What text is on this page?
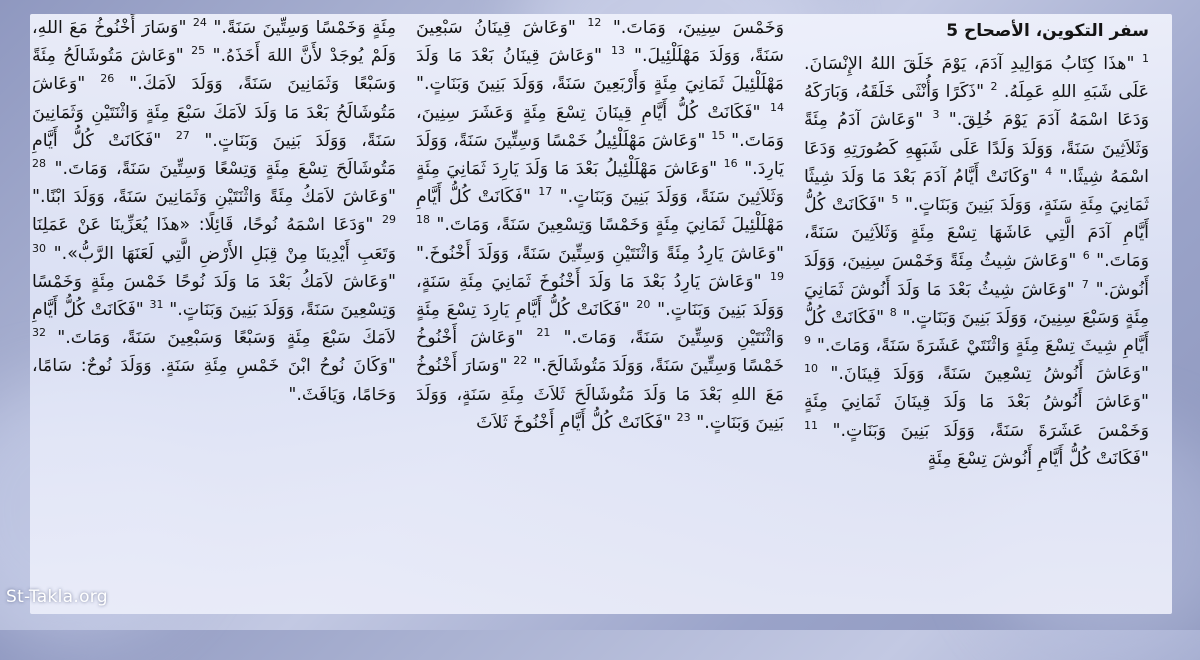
سفر التكوين، الأصحاح 5

$^1$ "هذَا كِتَابُ مَوَالِيدِ آدَمَ، يَوْمَ خَلَقَ اللهُ الإِنْسَانَ. عَلَى شَبَهِ اللهِ عَمِلَهُ. $^2$ "ذَكَرًا وَأُنْثَى خَلَقَهُ، وَبَارَكَهُ وَدَعَا اسْمَهُ آدَمَ يَوْمَ خُلِقَ." $^3$ "وَعَاشَ آدَمُ مِئَةً وَثَلاَثِينَ سَنَةً، وَوَلَدَ وَلَدًا عَلَى شَبَهِهِ كَصُورَتِهِ وَدَعَا اسْمَهُ شِيثًا." $^4$ "وَكَانَتْ أَيَّامُ آدَمَ بَعْدَ مَا وَلَدَ شِيثًا ثَمَانِيَ مِئَةِ سَنَةٍ، وَوَلَدَ بَنِينَ وَبَنَاتٍ." $^5$ "فَكَانَتْ كُلُّ أَيَّامِ آدَمَ الَّتِي عَاشَهَا تِسْعَ مِئَةٍ وَثَلاَثِينَ سَنَةً، وَمَاتَ." $^6$ "وَعَاشَ شِيثُ مِئَةً وَخَمْسَ سِنِينَ، وَوَلَدَ أَنُوشَ." $^7$ "وَعَاشَ شِيثُ بَعْدَ مَا وَلَدَ أَنُوشَ ثَمَانِيَ مِئَةٍ وَسَبْعَ سِنِينَ، وَوَلَدَ بَنِينَ وَبَنَاتٍ." $^8$ "فَكَانَتْ كُلُّ أَيَّامِ شِيثَ تِسْعَ مِئَةٍ وَاثْنَتَيْ عَشَرَةَ سَنَةً، وَمَاتَ." $^9$ "وَعَاشَ أَنُوشُ تِسْعِينَ سَنَةً، وَوَلَدَ قِينَانَ." $^{10}$ "وَعَاشَ أَنُوشُ بَعْدَ مَا وَلَدَ قِينَانَ ثَمَانِيَ مِئَةٍ وَخَمْسَ عَشَرَةَ سَنَةً، وَوَلَدَ بَنِينَ وَبَنَاتٍ." $^{11}$ "فَكَانَتْ كُلُّ أَيَّامِ أَنُوشَ تِسْعَ مِئَةٍ

وَخَمْسَ سِنِينَ، وَمَاتَ." $^{12}$ "وَعَاشَ قِينَانُ سَبْعِينَ سَنَةً، وَوَلَدَ مَهْلَلْئِيلَ." $^{13}$ "وَعَاشَ قِينَانُ بَعْدَ مَا وَلَدَ مَهْلَلْئِيلَ ثَمَانِيَ مِئَةٍ وَأَرْبَعِينَ سَنَةً، وَوَلَدَ بَنِينَ وَبَنَاتٍ." $^{14}$ "فَكَانَتْ كُلُّ أَيَّامِ قِينَانَ تِسْعَ مِئَةٍ وَعَشَرَ سِنِينَ، وَمَاتَ." $^{15}$ "وَعَاشَ مَهْلَلْئِيلُ خَمْسًا وَسِتِّينَ سَنَةً، وَوَلَدَ يَارِدَ." $^{16}$ "وَعَاشَ مَهْلَلْئِيلُ بَعْدَ مَا وَلَدَ يَارِدَ ثَمَانِيَ مِئَةٍ وَثَلاَثِينَ سَنَةً، وَوَلَدَ بَنِينَ وَبَنَاتٍ." $^{17}$ "فَكَانَتْ كُلُّ أَيَّامِ مَهْلَلْئِيلَ ثَمَانِيَ مِئَةٍ وَخَمْسًا وَتِسْعِينَ سَنَةً، وَمَاتَ." $^{18}$ "وَعَاشَ يَارِدُ مِئَةً وَاثْنَتَيْنِ وَسِتِّينَ سَنَةً، وَوَلَدَ أَخْنُوخَ." $^{19}$ "وَعَاشَ يَارِدُ بَعْدَ مَا وَلَدَ أَخْنُوخَ ثَمَانِيَ مِئَةِ سَنَةٍ، وَوَلَدَ بَنِينَ وَبَنَاتٍ." $^{20}$ "فَكَانَتْ كُلُّ أَيَّامِ يَارِدَ تِسْعَ مِئَةٍ وَاثْنَتَيْنِ وَسِتِّينَ سَنَةً، وَمَاتَ." $^{21}$ "وَعَاشَ أَخْنُوخُ خَمْسًا وَسِتِّينَ سَنَةً، وَوَلَدَ مَتُوشَالَحَ." $^{22}$ "وَسَارَ أَخْنُوخُ مَعَ اللهِ بَعْدَ مَا وَلَدَ مَتُوشَالَحَ ثَلاَثَ مِئَةِ سَنَةٍ، وَوَلَدَ بَنِينَ وَبَنَاتٍ." $^{23}$ "فَكَانَتْ كُلُّ أَيَّامِ أَخْنُوخَ ثَلاَثَ

مِئَةٍ وَخَمْسًا وَسِتِّينَ سَنَةً." $^{24}$ "وَسَارَ أَخْنُوخُ مَعَ اللهِ، وَلَمْ يُوجَدْ لأَنَّ اللهَ أَخَذَهُ." $^{25}$ "وَعَاشَ مَتُوشَالَحُ مِئَةً وَسَبْعًا وَثَمَانِينَ سَنَةً، وَوَلَدَ لاَمَكَ." $^{26}$ "وَعَاشَ مَتُوشَالَحُ بَعْدَ مَا وَلَدَ لاَمَكَ سَبْعَ مِئَةٍ وَاثْنَتَيْنِ وَثَمَانِينَ سَنَةً، وَوَلَدَ بَنِينَ وَبَنَاتٍ." $^{27}$ "فَكَانَتْ كُلُّ أَيَّامِ مَتُوشَالَحَ تِسْعَ مِئَةٍ وَتِسْعًا وَسِتِّينَ سَنَةً، وَمَاتَ." $^{28}$ "وَعَاشَ لاَمَكُ مِئَةً وَاثْنَتَيْنِ وَثَمَانِينَ سَنَةً، وَوَلَدَ ابْنًا." $^{29}$ "وَدَعَا اسْمَهُ نُوحًا، قَائِلًا: «هذَا يُعَزِّينَا عَنْ عَمَلِنَا وَتَعَبِ أَيْدِينَا مِنْ قِبَلِ الأَرْضِ الَّتِي لَعَنَهَا الرَّبُّ»." $^{30}$ "وَعَاشَ لاَمَكُ بَعْدَ مَا وَلَدَ نُوحًا خَمْسَ مِئَةٍ وَخَمْسًا وَتِسْعِينَ سَنَةً، وَوَلَدَ بَنِينَ وَبَنَاتٍ." $^{31}$ "فَكَانَتْ كُلُّ أَيَّامِ لاَمَكَ سَبْعَ مِئَةٍ وَسَبْعًا وَسَبْعِينَ سَنَةً، وَمَاتَ." $^{32}$ "وَكَانَ نُوحُ ابْنَ خَمْسِ مِئَةِ سَنَةٍ. وَوَلَدَ نُوحٌ: سَامًا، وَحَامًا، وَيَافَثَ."

St-Takla.org
